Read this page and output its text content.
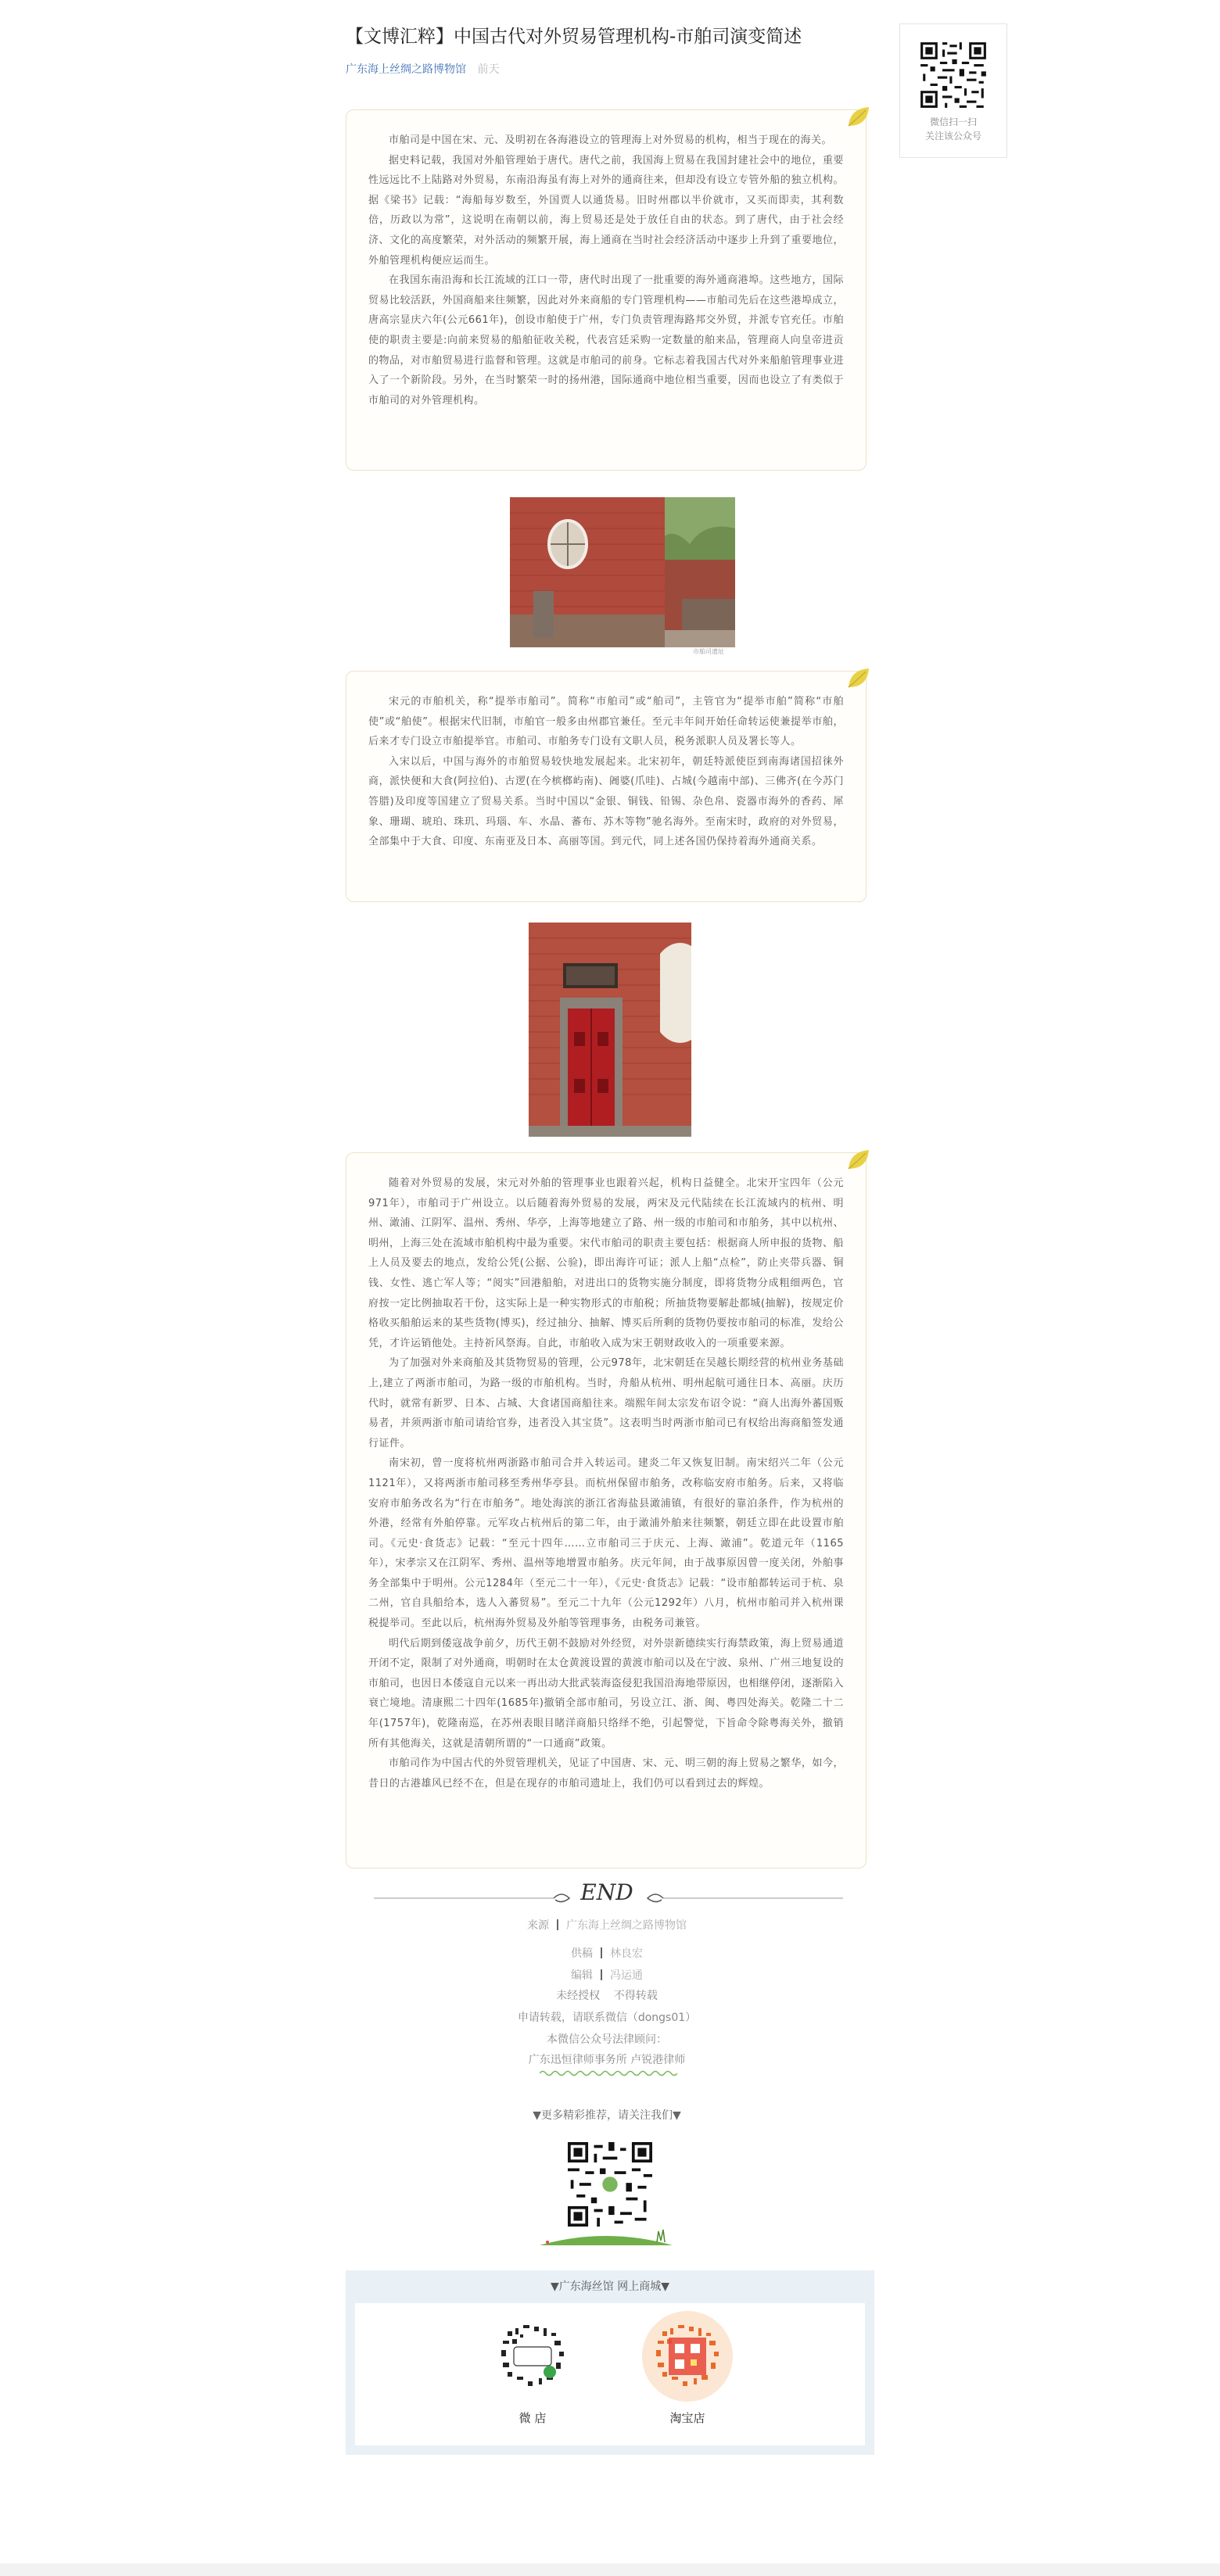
【文博汇粹】中国古代对外贸易管理机构-市舶司演变简述
广东海上丝绸之路博物馆 前天
微信扫一扫
关注该公众号

市舶司是中国在宋、元、及明初在各海港设立的管理海上对外贸易的机构，相当于现在的海关。

据史料记载，我国对外船管理始于唐代。唐代之前，我国海上贸易在我国封建社会中的地位，重要性远远比不上陆路对外贸易，东南沿海虽有海上对外的通商往来，但却没有设立专管外船的独立机构。据《梁书》记载：“海船每岁数至，外国贾人以通货易。旧时州郡以半价就市，又买而即卖，其利数倍，历政以为常”，这说明在南朝以前，海上贸易还是处于放任自由的状态。到了唐代，由于社会经济、文化的高度繁荣，对外活动的频繁开展，海上通商在当时社会经济活动中逐步上升到了重要地位，外舶管理机构便应运而生。

在我国东南沿海和长江流域的江口一带，唐代时出现了一批重要的海外通商港埠。这些地方，国际贸易比较活跃，外国商船来往频繁，因此对外来商船的专门管理机构——市舶司先后在这些港埠成立，唐高宗显庆六年(公元661年)，创设市舶使于广州，专门负责管理海路邦交外贸，并派专官充任。市舶使的职责主要是:向前来贸易的船舶征收关税，代表宫廷采购一定数量的舶来品，管理商人向皇帝进贡的物品，对市舶贸易进行监督和管理。这就是市舶司的前身。它标志着我国古代对外来船舶管理事业进入了一个新阶段。另外，在当时繁荣一时的扬州港，国际通商中地位相当重要，因而也设立了有类似于市舶司的对外管理机构。

市舶司遗址

宋元的市舶机关，称“提举市舶司”。简称“市舶司”或“舶司”，主管官为“提举市舶”简称“市舶使”或“舶使”。根据宋代旧制，市舶官一般多由州郡官兼任。至元丰年间开始任命转运使兼提举市舶，后来才专门设立市舶提举官。市舶司、市舶务专门设有文职人员，税务派职人员及署长等人。

入宋以后，中国与海外的市舶贸易较快地发展起来。北宋初年，朝廷特派使臣到南海诸国招徕外商，派快便和大食(阿拉伯)、古逻(在今槟榔屿南)、阇婆(爪哇)、占城(今越南中部)、三佛齐(在今苏门答腊)及印度等国建立了贸易关系。当时中国以“金银、铜钱、铅锡、杂色帛、瓷器市海外的香药、犀象、珊瑚、琥珀、珠玑、玛瑙、车、水晶、蕃布、苏木等物”驰名海外。至南宋时，政府的对外贸易，全部集中于大食、印度、东南亚及日本、高丽等国。到元代，同上述各国仍保持着海外通商关系。

随着对外贸易的发展，宋元对外舶的管理事业也跟着兴起，机构日益健全。北宋开宝四年（公元971年），市舶司于广州设立。以后随着海外贸易的发展，两宋及元代陆续在长江流域内的杭州、明州、澉浦、江阴军、温州、秀州、华亭，上海等地建立了路、州一级的市舶司和市舶务，其中以杭州、明州，上海三处在流域市舶机构中最为重要。宋代市舶司的职责主要包括：根据商人所申报的货物、船上人员及要去的地点，发给公凭(公据、公验)，即出海许可证；派人上船“点检”，防止夹带兵器、铜钱、女性、逃亡军人等；“阅实”回港船舶，对进出口的货物实施分制度，即将货物分成粗细两色，官府按一定比例抽取若干份，这实际上是一种实物形式的市舶税；所抽货物要解赴都城(抽解)，按规定价格收买船舶运来的某些货物(博买)，经过抽分、抽解、博买后所剩的货物仍要按市舶司的标准，发给公凭，才许运销他处。主持祈风祭海。自此，市舶收入成为宋王朝财政收入的一项重要来源。

为了加强对外来商舶及其货物贸易的管理，公元978年，北宋朝廷在吴越长期经营的杭州业务基础上,建立了两浙市舶司，为路一级的市舶机构。当时，舟船从杭州、明州起航可通往日本、高丽。庆历代时，就常有新罗、日本、占城、大食诸国商船往来。端熙年间太宗发布诏令说：“商人出海外蕃国贩易者，并须两浙市舶司请给官券，违者没入其宝货”。这表明当时两浙市舶司已有权给出海商船签发通行证件。

南宋初，曾一度将杭州两浙路市舶司合并入转运司。建炎二年又恢复旧制。南宋绍兴二年（公元1121年），又将两浙市舶司移至秀州华亭县。而杭州保留市舶务，改称临安府市舶务。后来，又将临安府市舶务改名为“行在市舶务”。地处海滨的浙江省海盐县澉浦镇，有很好的靠泊条件，作为杭州的外港，经常有外舶停靠。元军攻占杭州后的第二年，由于澉浦外舶来往频繁，朝廷立即在此设置市舶司。《元史·食货志》记载：“至元十四年……立市舶司三于庆元、上海、澉浦”。乾道元年（1165年），宋孝宗又在江阴军、秀州、温州等地增置市舶务。庆元年间，由于战事原因曾一度关闭，外舶事务全部集中于明州。公元1284年（至元二十一年），《元史·食货志》记载：“设市舶都转运司于杭、泉二州，官自具船给本，选人入蕃贸易”。至元二十九年（公元1292年）八月，杭州市舶司并入杭州课税提举司。至此以后，杭州海外贸易及外舶等管理事务，由税务司兼管。

明代后期到倭寇战争前夕，历代王朝不鼓励对外经贸，对外崇新德续实行海禁政策，海上贸易通道开闭不定，限制了对外通商，明朝时在太仓黄渡设置的黄渡市舶司以及在宁波、泉州、广州三地复设的市舶司，也因日本倭寇自元以来一再出动大批武装海盗侵犯我国沿海地带原因，也相继停闭，逐渐陷入衰亡境地。清康熙二十四年(1685年)撤销全部市舶司，另设立江、浙、闽、粤四处海关。乾隆二十二年(1757年)，乾隆南巡，在苏州表眼目睹洋商船只络绎不绝，引起警觉，下旨命令除粤海关外，撤销所有其他海关，这就是清朝所谓的“一口通商”政策。

市舶司作为中国古代的外贸管理机关，见证了中国唐、宋、元、明三朝的海上贸易之繁华，如今，昔日的古港雄风已经不在，但是在现存的市舶司遗址上，我们仍可以看到过去的辉煌。

END
来源 广东海上丝绸之路博物馆
供稿 林良宏
编辑 冯运通
未经授权    不得转载
申请转载，请联系微信（dongs01）
本微信公众号法律顾问：
广东迅恒律师事务所 卢锐港律师
▼更多精彩推荐，请关注我们▼
▼广东海丝馆 网上商城▼
微 店	淘宝店
